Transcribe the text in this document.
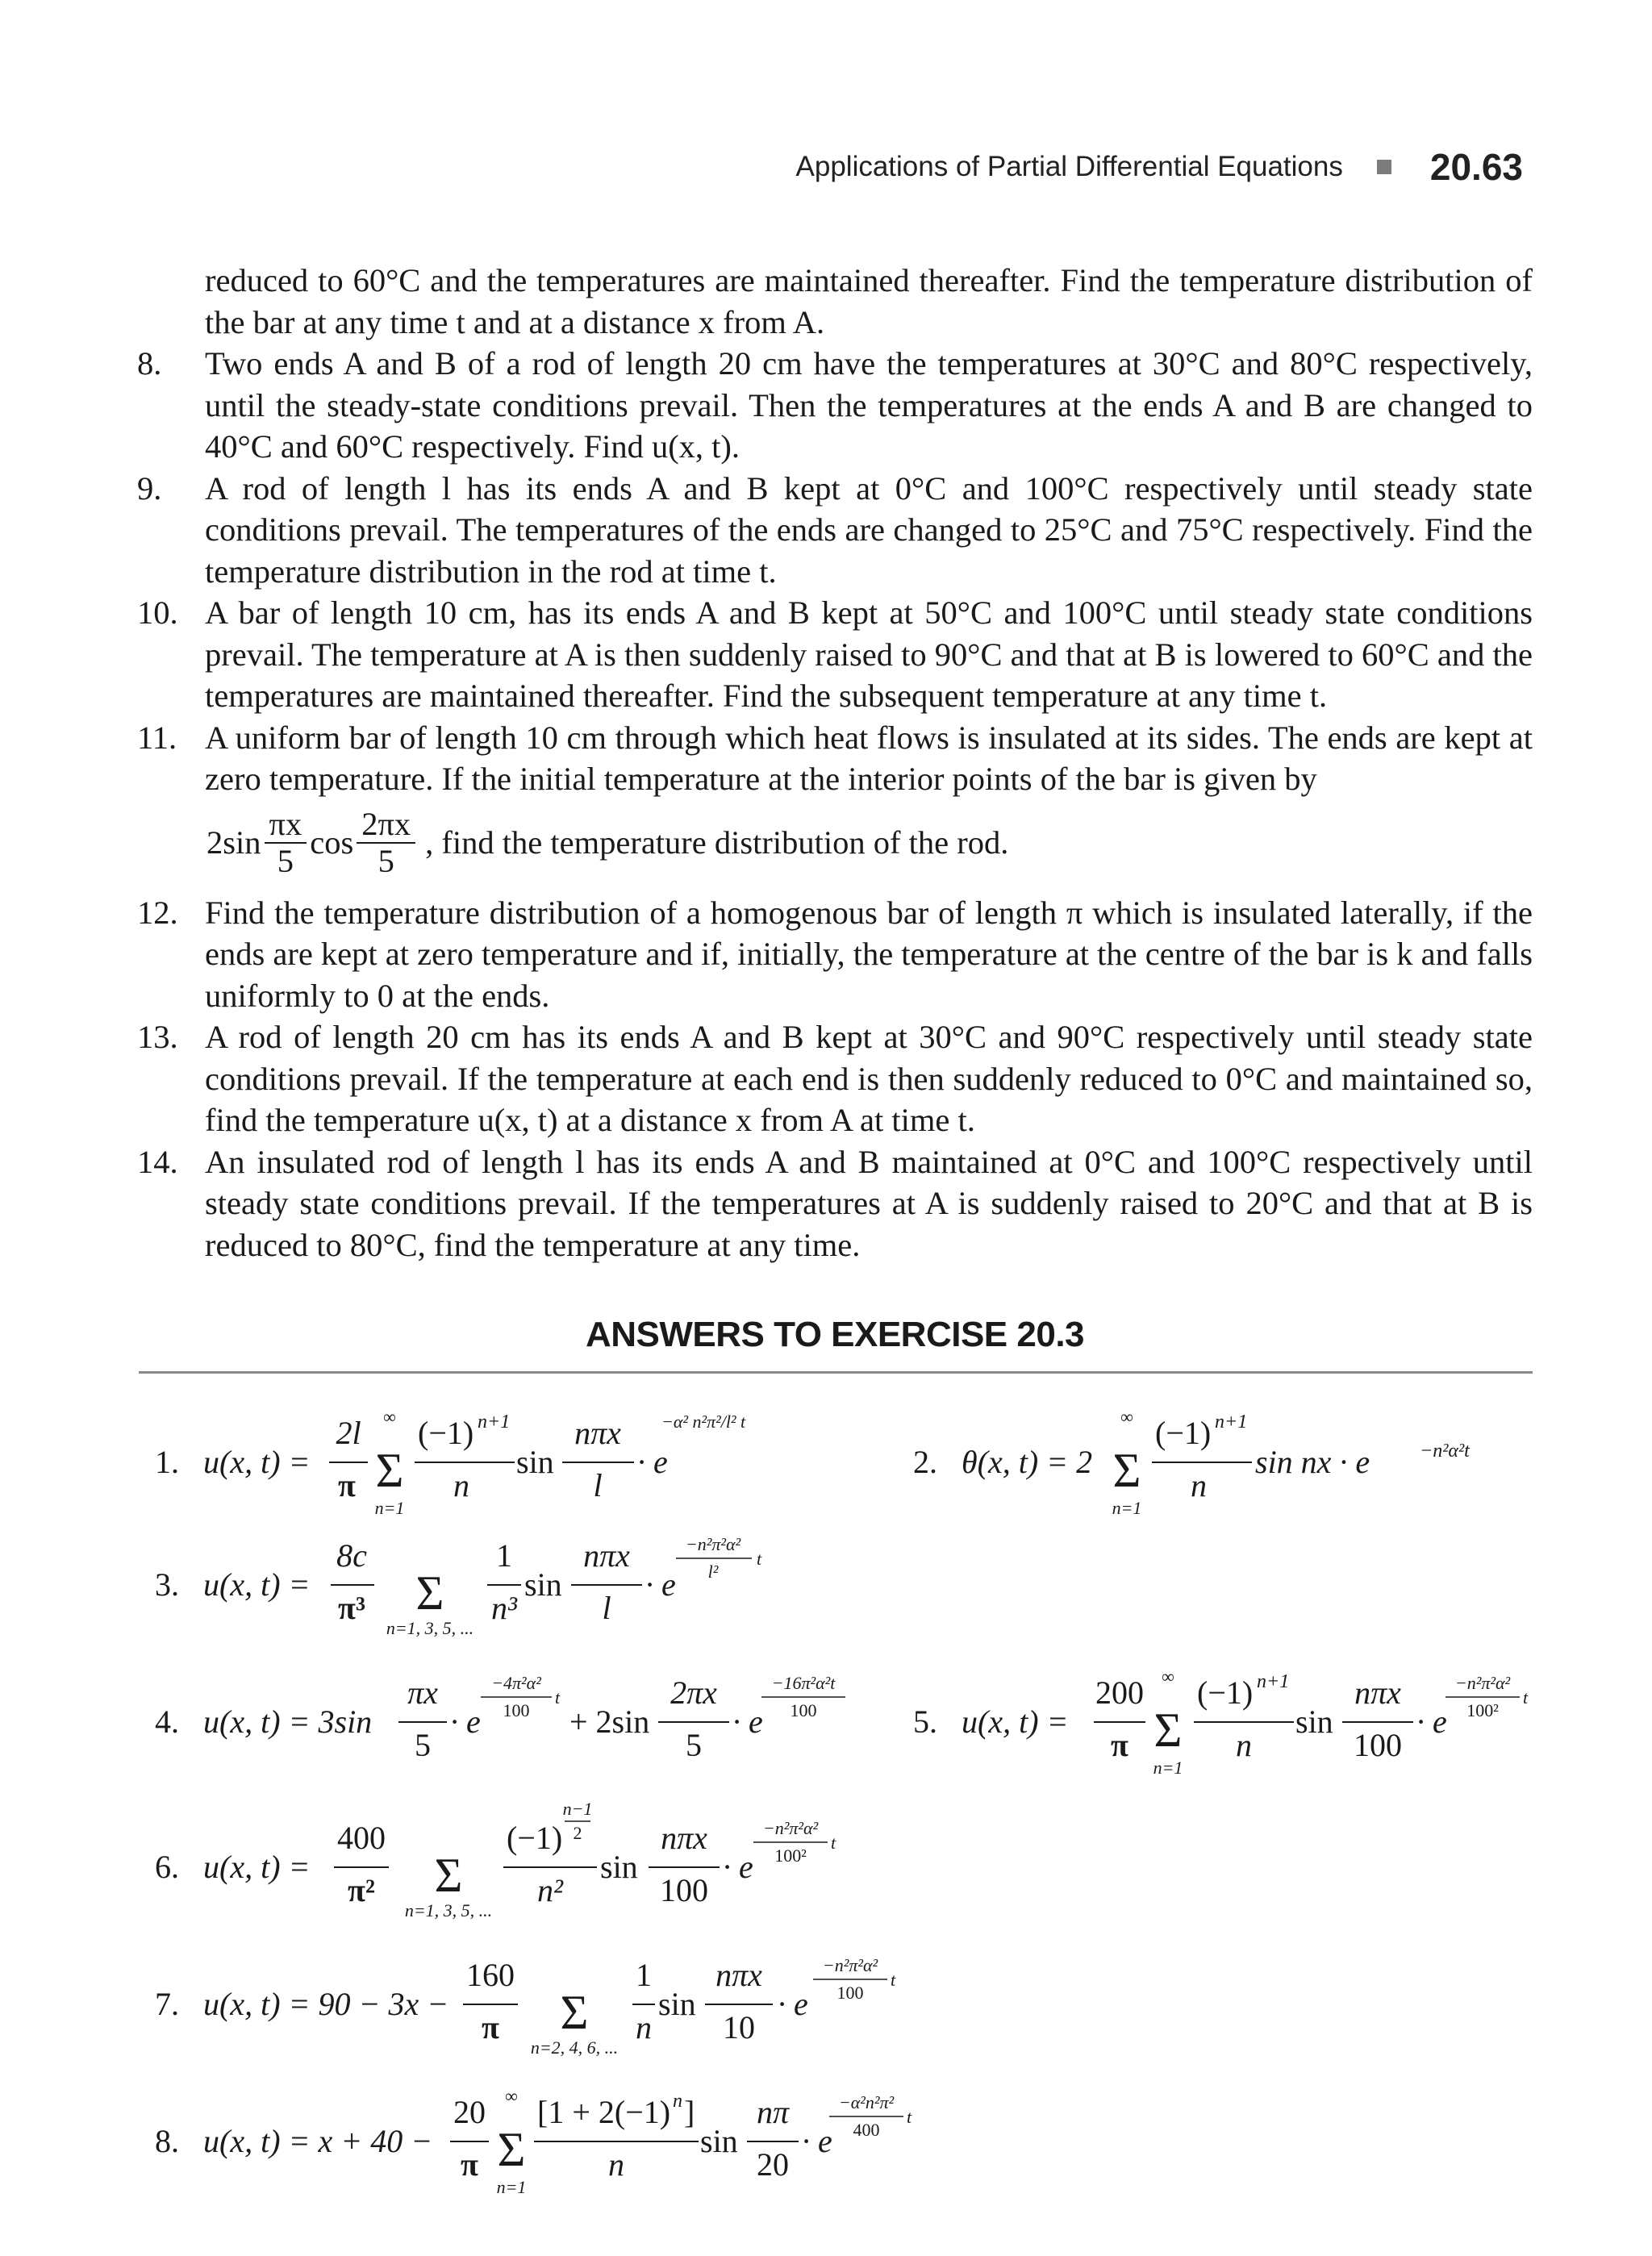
Applications of Partial Differential Equations 20.63
reduced to 60°C and the temperatures are maintained thereafter. Find the temperature distribution of the bar at any time t and at a distance x from A.
8.	Two ends A and B of a rod of length 20 cm have the temperatures at 30°C and 80°C respectively, until the steady-state conditions prevail. Then the temperatures at the ends A and B are changed to 40°C and 60°C respectively. Find u(x, t).
9.	A rod of length l has its ends A and B kept at 0°C and 100°C respectively until steady state conditions prevail. The temperatures of the ends are changed to 25°C and 75°C respectively. Find the temperature distribution in the rod at time t.
10. A bar of length 10 cm, has its ends A and B kept at 50°C and 100°C until steady state conditions prevail. The temperature at A is then suddenly raised to 90°C and that at B is lowered to 60°C and the temperatures are maintained thereafter. Find the subsequent temperature at any time t.
11. A uniform bar of length 10 cm through which heat flows is insulated at its sides. The ends are kept at zero temperature. If the initial temperature at the interior points of the bar is given by
$2\sin \frac{\pi x}{5}$ $\cos \frac{2\pi x}{5}$ , find the temperature distribution of the rod.
12. Find the temperature distribution of a homogenous bar of length π which is insulated laterally, if the ends are kept at zero temperature and if, initially, the temperature at the centre of the bar is k and falls uniformly to 0 at the ends.
13. A rod of length 20 cm has its ends A and B kept at 30°C and 90°C respectively until steady state conditions prevail. If the temperature at each end is then suddenly reduced to 0°C and maintained so, find the temperature u(x, t) at a distance x from A at time t.
14. An insulated rod of length l has its ends A and B maintained at 0°C and 100°C respectively until steady state conditions prevail. If the temperatures at A is suddenly raised to 20°C and that at B is reduced to 80°C, find the temperature at any time.
ANSWERS TO EXERCISE 20.3
1. u(x, t) =
2l
π
∞
Σ
n=1
(−1) n+1
n
sin
nπx
l
· e
−α² n²π²/l² t
2. θ(x, t) = 2
∞
Σ
n=1
(−1) n+1
n
sin nx · e	−n²α²t
3. u(x, t) =
8c
π³ Σ
n=1, 3, 5, ...
1
n³
sin
nπx
l
· e
−n²π²α²
t
l²
4. u(x, t) = 3sin
πx
5
· e
−4π²α²
t
100 + 2sin
2πx
5
· e
−16π²α²t
100	5. u(x, t) =
200
π
∞
Σ
n=1
(−1) n+1
n
sin
nπx
100
· e
−n²π²α²
t
100²
6. u(x, t) =
400
π² Σ
n=1, 3, 5, ...
(−1)
n−1
2
n²
sin
nπx
100
· e
−n²π²α²
t
100²
7. u(x, t) = 90 − 3x −
160
π Σ
n=2, 4, 6, ...
1
n
sin
nπx
10
· e
−n²π²α²
t
100
8. u(x, t) = x + 40 −
20
π
∞
Σ
n=1
[1 + 2(−1) n ]
n
sin
nπ
20
· e
−α²n²π²
t
400
